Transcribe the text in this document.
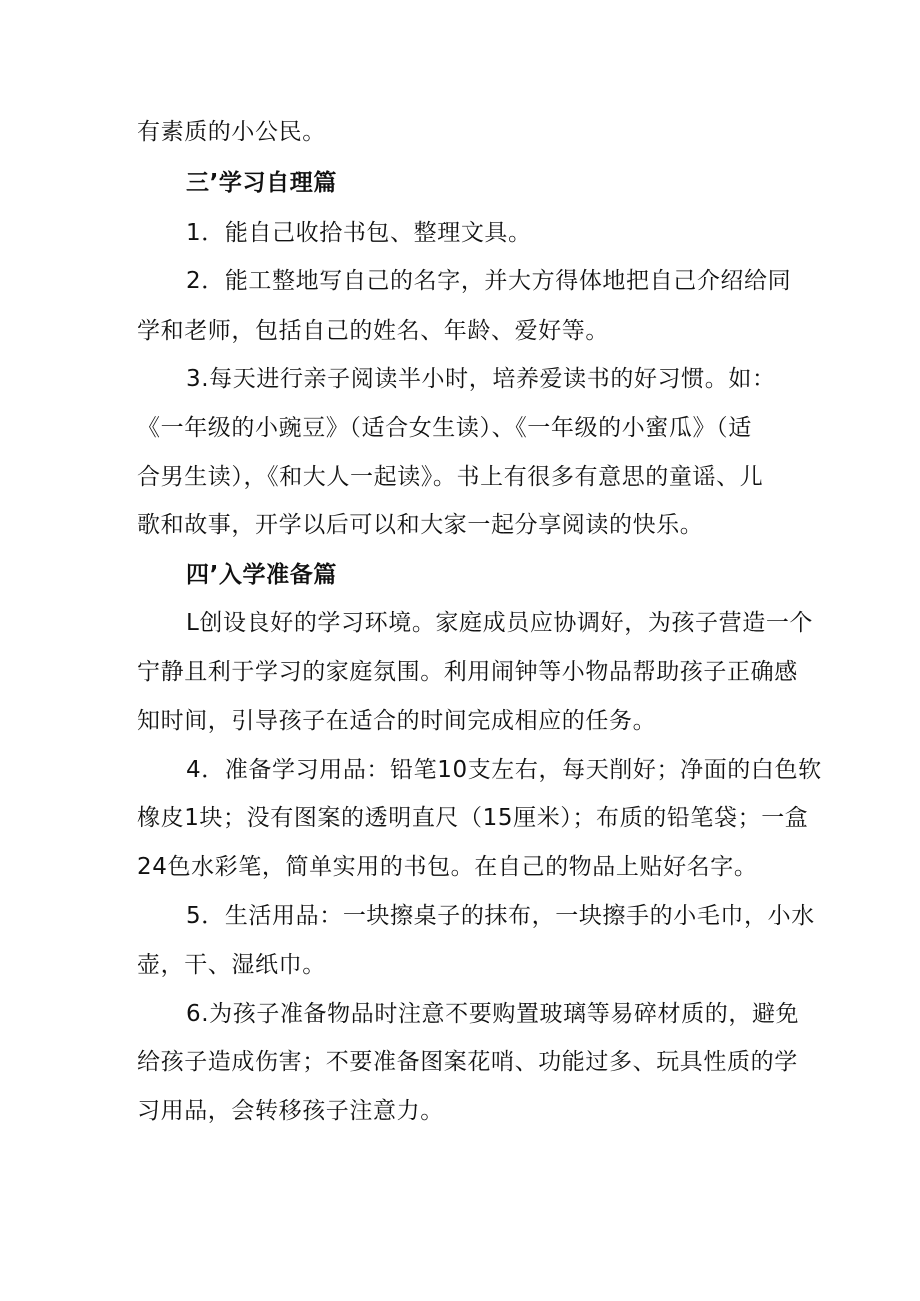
有素质的小公民。
三’学习自理篇
1．能自己收拾书包、整理文具。
2．能工整地写自己的名字，并大方得体地把自己介绍给同
学和老师，包括自己的姓名、年龄、爱好等。
3.每天进行亲子阅读半小时，培养爱读书的好习惯。如：
《一年级的小豌豆》（适合女生读）、《一年级的小蜜瓜》（适
合男生读），《和大人一起读》。书上有很多有意思的童谣、儿
歌和故事，开学以后可以和大家一起分享阅读的快乐。
四’入学准备篇
L创设良好的学习环境。家庭成员应协调好，为孩子营造一个
宁静且利于学习的家庭氛围。利用闹钟等小物品帮助孩子正确感
知时间，引导孩子在适合的时间完成相应的任务。
4．准备学习用品：铅笔10支左右，每天削好；净面的白色软
橡皮1块；没有图案的透明直尺（15厘米）；布质的铅笔袋；一盒
24色水彩笔，简单实用的书包。在自己的物品上贴好名字。
5．生活用品：一块擦桌子的抹布，一块擦手的小毛巾，小水
壶，干、湿纸巾。
6.为孩子准备物品时注意不要购置玻璃等易碎材质的，避免
给孩子造成伤害；不要准备图案花哨、功能过多、玩具性质的学
习用品，会转移孩子注意力。
